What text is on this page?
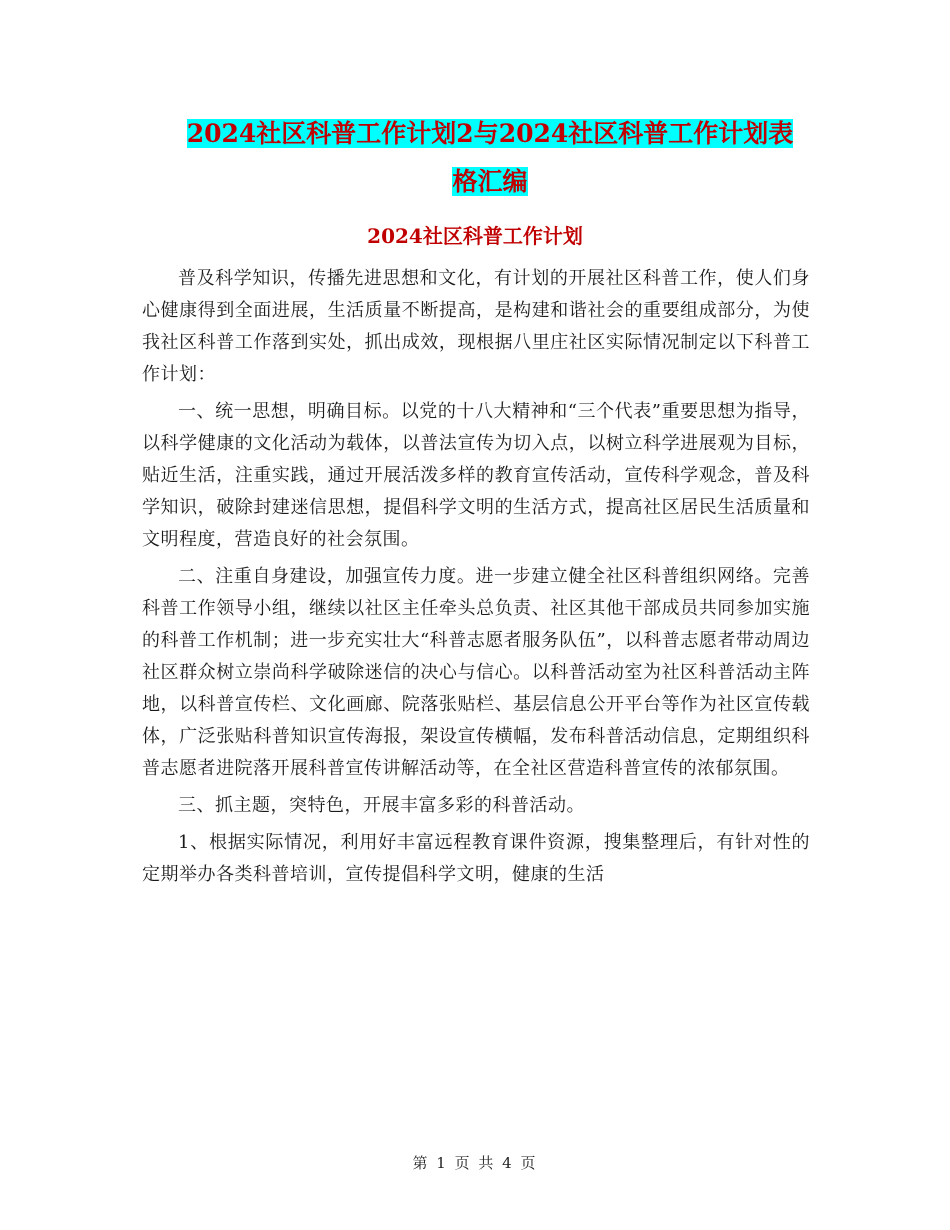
2024社区科普工作计划2与2024社区科普工作计划表
格汇编
2024社区科普工作计划

普及科学知识，传播先进思想和文化，有计划的开展社区科普工作，使人们身心健康得到全面进展，生活质量不断提高，是构建和谐社会的重要组成部分，为使我社区科普工作落到实处，抓出成效，现根据八里庄社区实际情况制定以下科普工作计划：

一、统一思想，明确目标。以党的十八大精神和“三个代表”重要思想为指导，以科学健康的文化活动为载体，以普法宣传为切入点，以树立科学进展观为目标，贴近生活，注重实践，通过开展活泼多样的教育宣传活动，宣传科学观念，普及科学知识，破除封建迷信思想，提倡科学文明的生活方式，提高社区居民生活质量和文明程度，营造良好的社会氛围。

二、注重自身建设，加强宣传力度。进一步建立健全社区科普组织网络。完善科普工作领导小组，继续以社区主任牵头总负责、社区其他干部成员共同参加实施的科普工作机制；进一步充实壮大“科普志愿者服务队伍”，以科普志愿者带动周边社区群众树立崇尚科学破除迷信的决心与信心。以科普活动室为社区科普活动主阵地，以科普宣传栏、文化画廊、院落张贴栏、基层信息公开平台等作为社区宣传载体，广泛张贴科普知识宣传海报，架设宣传横幅，发布科普活动信息，定期组织科普志愿者进院落开展科普宣传讲解活动等，在全社区营造科普宣传的浓郁氛围。

三、抓主题，突特色，开展丰富多彩的科普活动。

1、根据实际情况，利用好丰富远程教育课件资源，搜集整理后，有针对性的定期举办各类科普培训，宣传提倡科学文明，健康的生活

第 1 页 共 4 页
